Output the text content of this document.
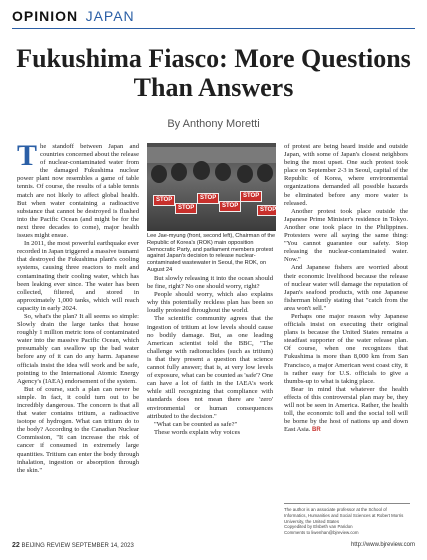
OPINION JAPAN
Fukushima Fiasco: More Questions Than Answers
By Anthony Moretti

The standoff between Japan and countries concerned about the release of nuclear-contaminated water from the damaged Fukushima nuclear power plant now resembles a game of table tennis. Of course, the results of a table tennis match are not likely to affect global health. But when water containing a radioactive substance that cannot be destroyed is flushed into the Pacific Ocean (and might be for the next three decades to come), major health issues might ensue.

In 2011, the most powerful earthquake ever recorded in Japan triggered a massive tsunami that destroyed the Fukushima plant's cooling systems, causing three reactors to melt and contaminating their cooling water, which has been leaking ever since. The water has been collected, filtered, and stored in approximately 1,000 tanks, which will reach capacity in early 2024.

So, what's the plan? It all seems so simple: Slowly drain the large tanks that house roughly 1 million metric tons of contaminated water into the massive Pacific Ocean, which presumably can swallow up the bad water before any of it can do any harm. Japanese officials insist the idea will work and be safe, pointing to the International Atomic Energy Agency's (IAEA) endorsement of the system.

But of course, such a plan can never be simple. In fact, it could turn out to be incredibly dangerous. The concern is that all that water contains tritium, a radioactive isotope of hydrogen. What can tritium do to the body? According to the Canadian Nuclear Commission, "It can increase the risk of cancer if consumed in extremely large quantities. Tritium can enter the body through inhalation, ingestion or absorption through the skin."

STOP
STOP
STOP
STOP
STOP
STOP
Lee Jae-myung (front, second left), Chairman of the Republic of Korea's (ROK) main opposition Democratic Party, and parliament members protest against Japan's decision to release nuclear-contaminated wastewater in Seoul, the ROK, on August 24

But slowly releasing it into the ocean should be fine, right? No one should worry, right?

People should worry, which also explains why this potentially reckless plan has been so loudly protested throughout the world.

The scientific community agrees that the ingestion of tritium at low levels should cause no bodily damage. But, as one leading American scientist told the BBC, "The challenge with radionuclides (such as tritium) is that they present a question that science cannot fully answer; that is, at very low levels of exposure, what can be counted as 'safe'? One can have a lot of faith in the IAEA's work while still recognizing that compliance with standards does not mean there are 'zero' environmental or human consequences attributed to the decision."

"What can be counted as safe?"

These words explain why voices

of protest are being heard inside and outside Japan, with some of Japan's closest neighbors being the most upset. One such protest took place on September 2-3 in Seoul, capital of the Republic of Korea, where environmental organizations demanded all possible hazards be eliminated before any more water is released.

Another protest took place outside the Japanese Prime Minister's residence in Tokyo. Another one took place in the Philippines. Protesters were all saying the same thing: "You cannot guarantee our safety. Stop releasing the nuclear-contaminated water. Now."

And Japanese fishers are worried about their economic livelihood because the release of nuclear water will damage the reputation of Japan's seafood products, with one Japanese fisherman bluntly stating that "catch from the area won't sell."

Perhaps one major reason why Japanese officials insist on executing their original plans is because the United States remains a steadfast supporter of the water release plan. Of course, when one recognizes that Fukushima is more than 8,000 km from San Francisco, a major American west coast city, it is rather easy for U.S. officials to give a thumbs-up to what is taking place.

Bear in mind that whatever the health effects of this controversial plan may be, they will not be seen in America. Rather, the health toll, the economic toll and the social toll will be borne by the host of nations up and down East Asia. BR

The author is an associate professor at the School of Informatics, Humanities and Social Sciences at Robert Morris University, the United States
Copyedited by Elsbeth van Paridon
Comments to liwenhan@bjreview.com
22 BEIJING REVIEW SEPTEMBER 14, 2023	http://www.bjreview.com
